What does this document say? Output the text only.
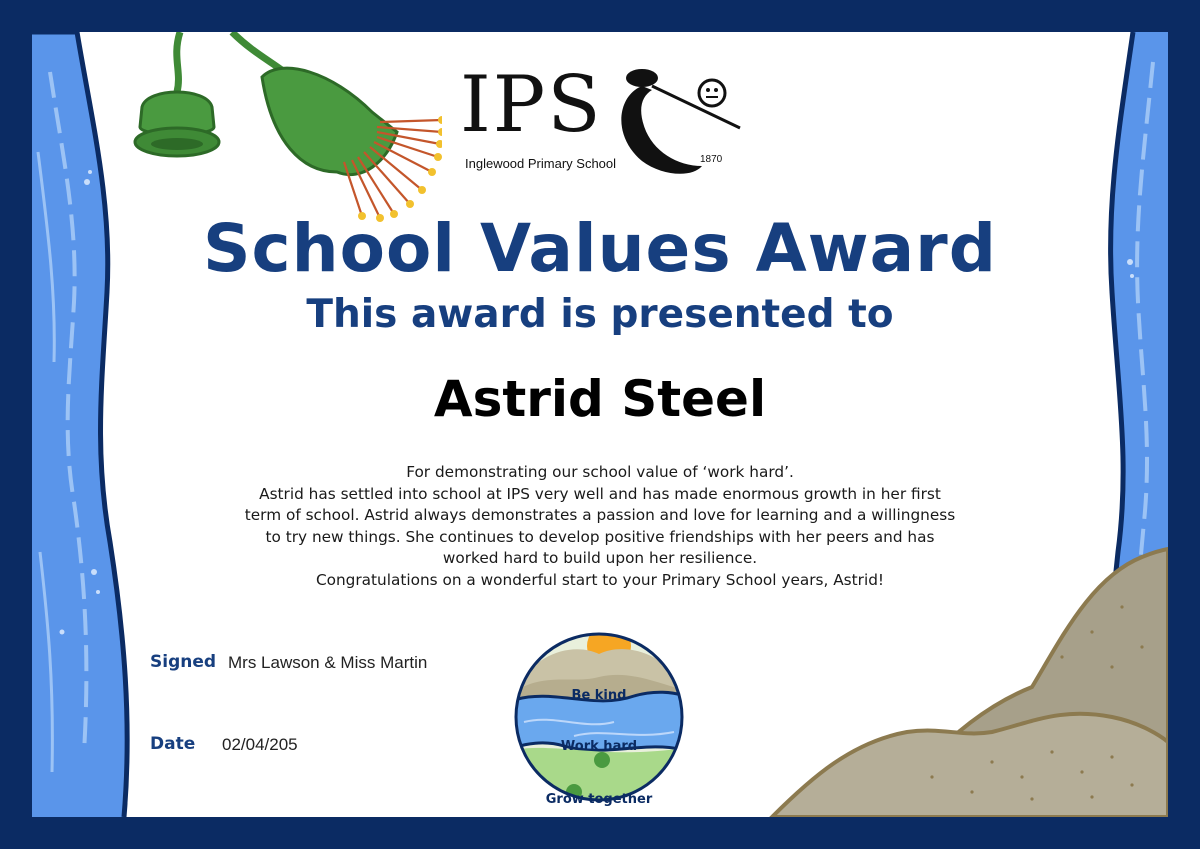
IPS
Inglewood Primary School	1870
School Values Award
This award is presented to
Astrid Steel
For demonstrating our school value of ‘work hard’.
Astrid has settled into school at IPS very well and has made enormous growth in her first
term of school. Astrid always demonstrates a passion and love for learning and a willingness
to try new things. She continues to develop positive friendships with her peers and has
worked hard to build upon her resilience.
Congratulations on a wonderful start to your Primary School years, Astrid!
Signed Mrs Lawson & Miss Martin
Date 02/04/205
Be kind
Work hard
Grow together
